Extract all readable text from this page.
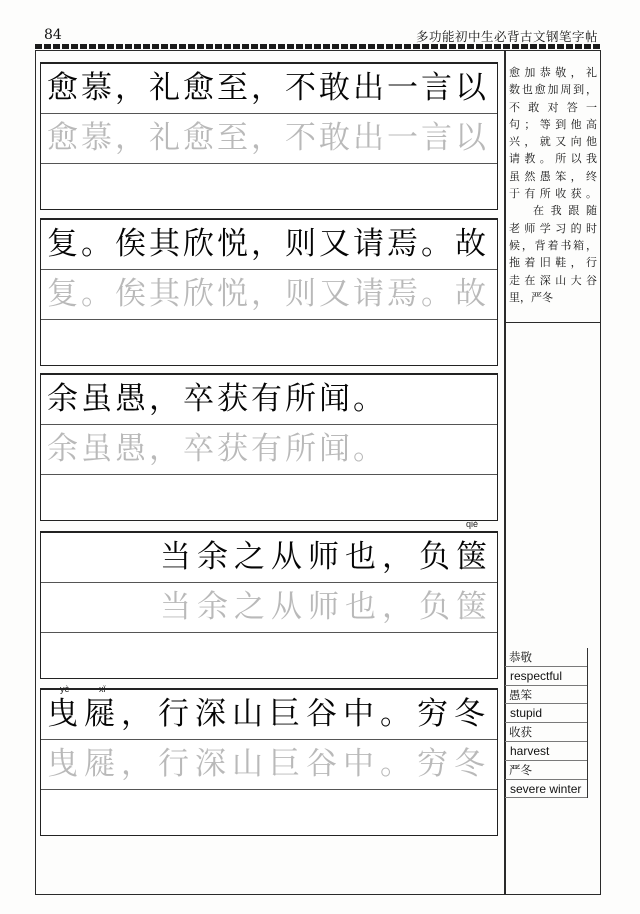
84	多功能初中生必背古文钢笔字帖
愈慕，礼愈至，不敢出一言以
愈慕，礼愈至，不敢出一言以
复。俟其欣悦，则又请焉。故
复。俟其欣悦，则又请焉。故
余虽愚，卒获有所闻。
余虽愚，卒获有所闻。
qiè
当余之从师也，负箧
当余之从师也，负箧
yè	xǐ
曳屣，行深山巨谷中。穷冬
曳屣，行深山巨谷中。穷冬
愈加恭敬，礼
数也愈加周到，
不敢对答一
句；等到他高
兴，就又向他
请教。所以我
虽然愚笨，终
于有所收获。
在我跟随
老师学习的时
候，背着书箱，
拖着旧鞋，行
走在深山大谷
里，严冬
恭敬
respectful
愚笨
stupid
收获
harvest
严冬
severe winter
